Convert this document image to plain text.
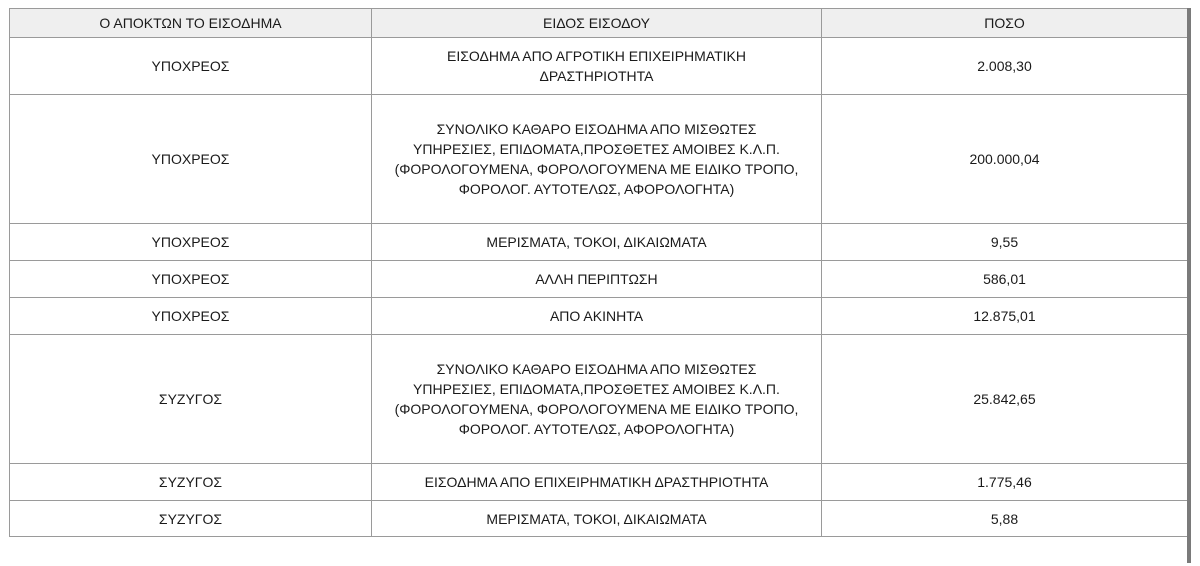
Ο ΑΠΟΚΤΩΝ ΤΟ ΕΙΣΟΔΗΜΑ	ΕΙΔΟΣ ΕΙΣΟΔΟΥ	ΠΟΣΟ
ΥΠΟΧΡΕΟΣ	ΕΙΣΟΔΗΜΑ ΑΠΟ ΑΓΡΟΤΙΚΗ ΕΠΙΧΕΙΡΗΜΑΤΙΚΗ ΔΡΑΣΤΗΡΙΟΤΗΤΑ	2.008,30
ΥΠΟΧΡΕΟΣ	ΣΥΝΟΛΙΚΟ ΚΑΘΑΡΟ ΕΙΣΟΔΗΜΑ ΑΠΟ ΜΙΣΘΩΤΕΣ ΥΠΗΡΕΣΙΕΣ, ΕΠΙΔΟΜΑΤΑ,ΠΡΟΣΘΕΤΕΣ ΑΜΟΙΒΕΣ Κ.Λ.Π.(ΦΟΡΟΛΟΓΟΥΜΕΝΑ, ΦΟΡΟΛΟΓΟΥΜΕΝΑ ΜΕ ΕΙΔΙΚΟ ΤΡΟΠΟ, ΦΟΡΟΛΟΓ. ΑΥΤΟΤΕΛΩΣ, ΑΦΟΡΟΛΟΓΗΤΑ)	200.000,04
ΥΠΟΧΡΕΟΣ	ΜΕΡΙΣΜΑΤΑ, ΤΟΚΟΙ, ΔΙΚΑΙΩΜΑΤΑ	9,55
ΥΠΟΧΡΕΟΣ	ΑΛΛΗ ΠΕΡΙΠΤΩΣΗ	586,01
ΥΠΟΧΡΕΟΣ	ΑΠΟ ΑΚΙΝΗΤΑ	12.875,01
ΣΥΖΥΓΟΣ	ΣΥΝΟΛΙΚΟ ΚΑΘΑΡΟ ΕΙΣΟΔΗΜΑ ΑΠΟ ΜΙΣΘΩΤΕΣ ΥΠΗΡΕΣΙΕΣ, ΕΠΙΔΟΜΑΤΑ,ΠΡΟΣΘΕΤΕΣ ΑΜΟΙΒΕΣ Κ.Λ.Π.(ΦΟΡΟΛΟΓΟΥΜΕΝΑ, ΦΟΡΟΛΟΓΟΥΜΕΝΑ ΜΕ ΕΙΔΙΚΟ ΤΡΟΠΟ, ΦΟΡΟΛΟΓ. ΑΥΤΟΤΕΛΩΣ, ΑΦΟΡΟΛΟΓΗΤΑ)	25.842,65
ΣΥΖΥΓΟΣ	ΕΙΣΟΔΗΜΑ ΑΠΟ ΕΠΙΧΕΙΡΗΜΑΤΙΚΗ ΔΡΑΣΤΗΡΙΟΤΗΤΑ	1.775,46
ΣΥΖΥΓΟΣ	ΜΕΡΙΣΜΑΤΑ, ΤΟΚΟΙ, ΔΙΚΑΙΩΜΑΤΑ	5,88
